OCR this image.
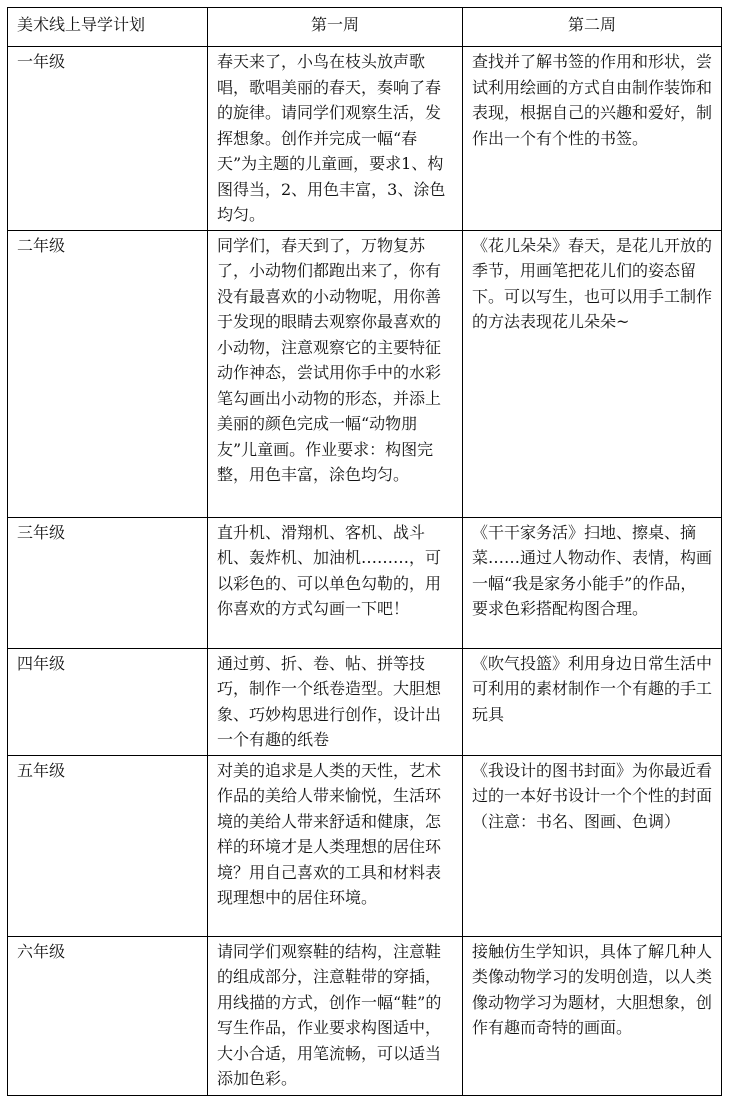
美术线上导学计划	第一周	第二周
一年级	春天来了，小鸟在枝头放声歌唱，歌唱美丽的春天，奏响了春的旋律。请同学们观察生活，发挥想象。创作并完成一幅“春天”为主题的儿童画，要求1、构图得当，2、用色丰富，3、涂色均匀。	查找并了解书签的作用和形状，尝试利用绘画的方式自由制作装饰和表现，根据自己的兴趣和爱好，制作出一个有个性的书签。
二年级	同学们，春天到了，万物复苏了，小动物们都跑出来了，你有没有最喜欢的小动物呢，用你善于发现的眼睛去观察你最喜欢的小动物，注意观察它的主要特征动作神态，尝试用你手中的水彩笔勾画出小动物的形态，并添上美丽的颜色完成一幅“动物朋友”儿童画。作业要求：构图完整，用色丰富，涂色均匀。	《花儿朵朵》春天，是花儿开放的季节，用画笔把花儿们的姿态留下。可以写生，也可以用手工制作的方法表现花儿朵朵~
三年级	直升机、滑翔机、客机、战斗机、轰炸机、加油机………，可以彩色的、可以单色勾勒的，用你喜欢的方式勾画一下吧！	《干干家务活》扫地、擦桌、摘菜……通过人物动作、表情，构画一幅“我是家务小能手”的作品，要求色彩搭配构图合理。
四年级	通过剪、折、卷、帖、拼等技巧，制作一个纸卷造型。大胆想象、巧妙构思进行创作，设计出一个有趣的纸卷	《吹气投篮》利用身边日常生活中可利用的素材制作一个有趣的手工玩具
五年级	对美的追求是人类的天性，艺术作品的美给人带来愉悦，生活环境的美给人带来舒适和健康，怎样的环境才是人类理想的居住环境？用自己喜欢的工具和材料表现理想中的居住环境。	《我设计的图书封面》为你最近看过的一本好书设计一个个性的封面（注意：书名、图画、色调）
六年级	请同学们观察鞋的结构，注意鞋的组成部分，注意鞋带的穿插，用线描的方式，创作一幅“鞋”的写生作品，作业要求构图适中，大小合适，用笔流畅，可以适当添加色彩。	接触仿生学知识，具体了解几种人类像动物学习的发明创造，以人类像动物学习为题材，大胆想象，创作有趣而奇特的画面。
